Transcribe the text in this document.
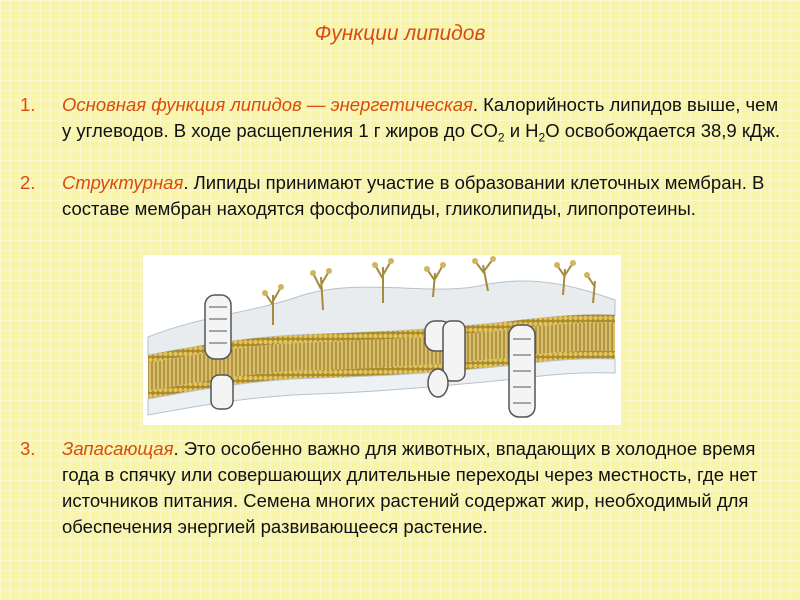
Функции липидов
1.	Основная функция липидов — энергетическая. Калорийность липидов выше, чем у углеводов. В ходе расщепления 1 г жиров до $CO_2$ и $H_2O$ освобождается 38,9 кДж.
2.	Структурная. Липиды принимают участие в образовании клеточных мембран. В составе мембран находятся фосфолипиды, гликолипиды, липопротеины.
3.	Запасающая. Это особенно важно для животных, впадающих в холодное время года в спячку или совершающих длительные переходы через местность, где нет источников питания. Семена многих растений содержат жир, необходимый для обеспечения энергией развивающееся растение.
